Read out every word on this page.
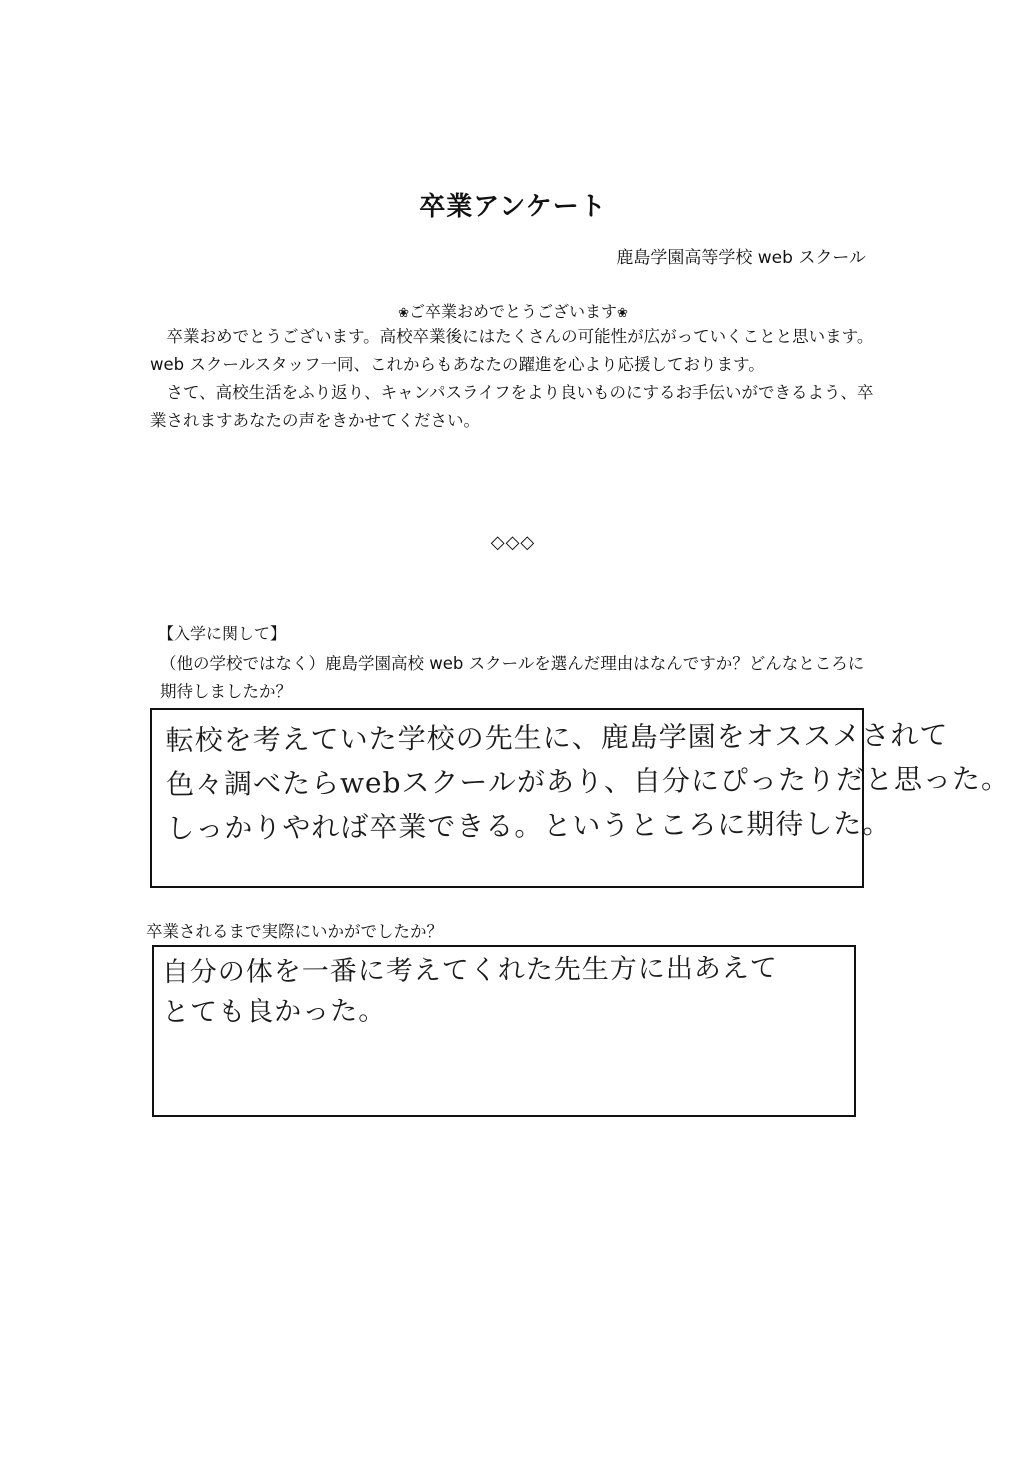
卒業アンケート
鹿島学園高等学校 web スクール
❀ご卒業おめでとうございます❀

卒業おめでとうございます。高校卒業後にはたくさんの可能性が広がっていくことと思います。web スクールスタッフ一同、これからもあなたの躍進を心より応援しております。

さて、高校生活をふり返り、キャンパスライフをより良いものにするお手伝いができるよう、卒業されますあなたの声をきかせてください。

◇◇◇
【入学に関して】
（他の学校ではなく）鹿島学園高校 web スクールを選んだ理由はなんですか？どんなところに期待しましたか？
転校を考えていた学校の先生に、鹿島学園をオススメされて
色々調べたらwebスクールがあり、自分にぴったりだと思った。
しっかりやれば卒業できる。というところに期待した。
卒業されるまで実際にいかがでしたか？
自分の体を一番に考えてくれた先生方に出あえて
とても良かった。
